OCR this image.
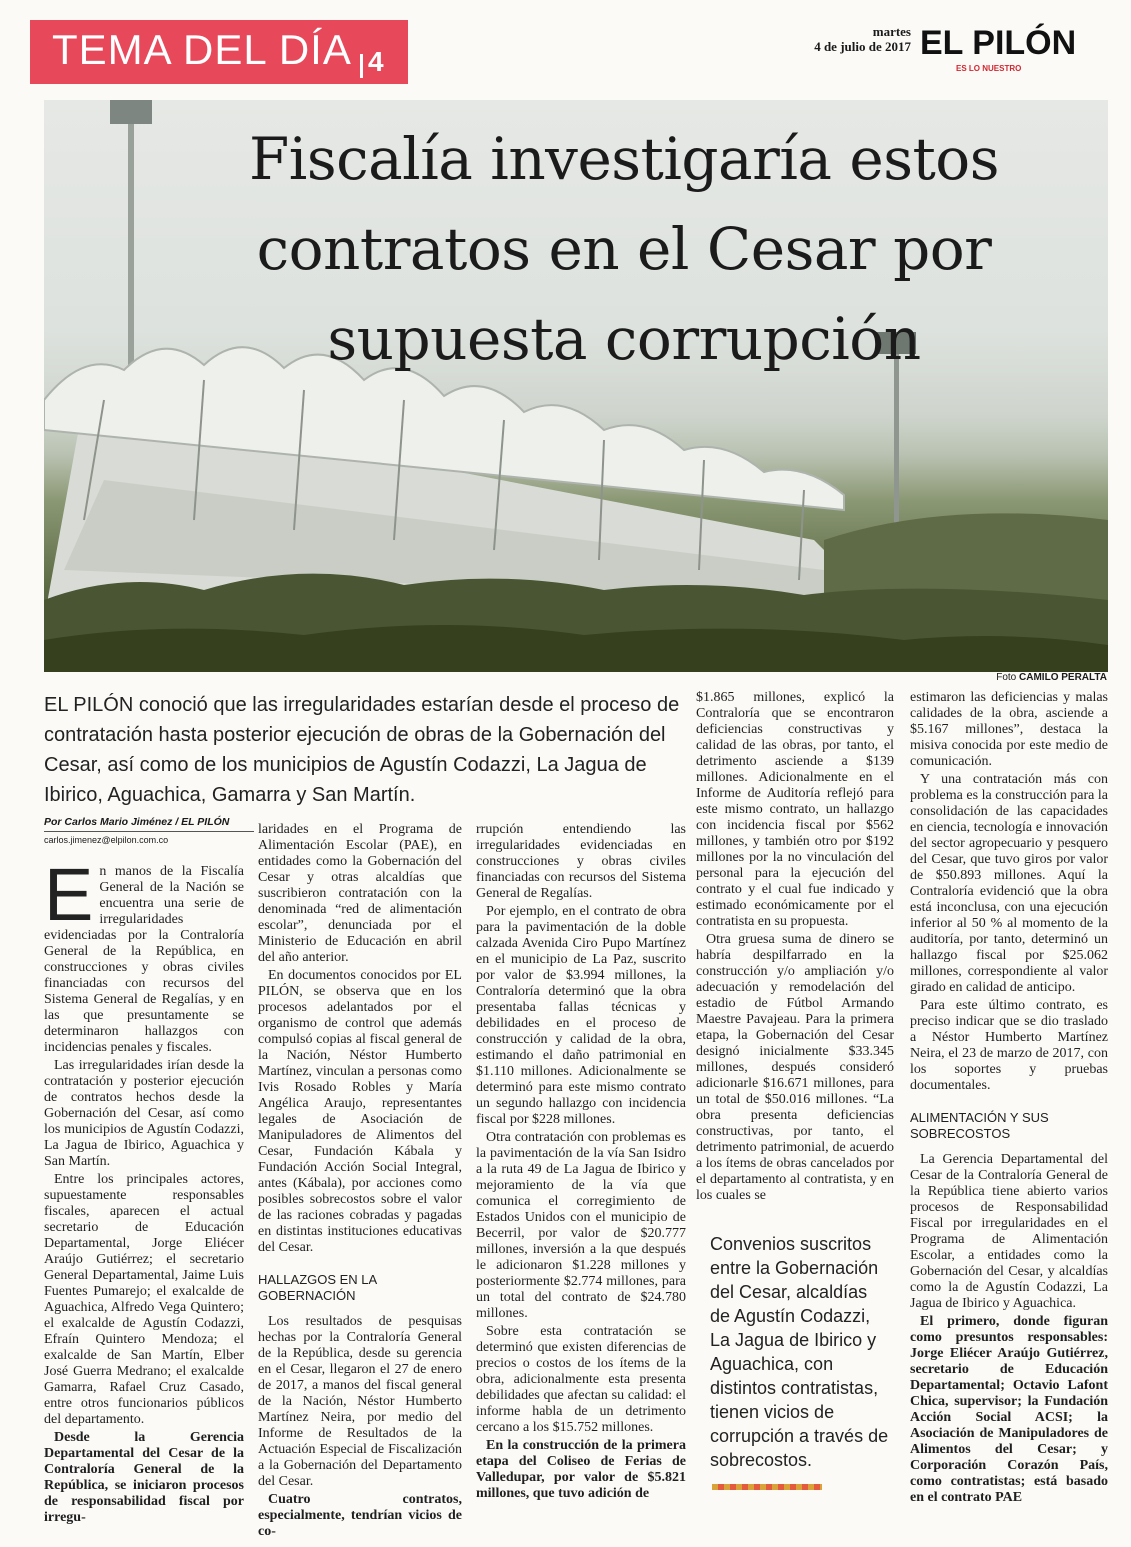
TEMA DEL DÍA 4
martes
4 de julio de 2017 EL PILÓN
ES LO NUESTRO
Fiscalía investigaría estos contratos en el Cesar por supuesta corrupción
Foto CAMILO PERALTA
EL PILÓN conoció que las irregularidades estarían desde el proceso de contratación hasta posterior ejecución de obras de la Gobernación del Cesar, así como de los municipios de Agustín Codazzi, La Jagua de Ibirico, Aguachica, Gamarra y San Martín.
Por Carlos Mario Jiménez / EL PILÓN
carlos.jimenez@elpilon.com.co

En manos de la Fiscalía General de la Nación se encuentra una serie de irregularidades evidenciadas por la Contraloría General de la República, en construcciones y obras civiles financiadas con recursos del Sistema General de Regalías, y en las que presuntamente se determinaron hallazgos con incidencias penales y fiscales.

Las irregularidades irían desde la contratación y posterior ejecución de contratos hechos desde la Gobernación del Cesar, así como los municipios de Agustín Codazzi, La Jagua de Ibirico, Aguachica y San Martín.

Entre los principales actores, supuestamente responsables fiscales, aparecen el actual secretario de Educación Departamental, Jorge Eliécer Araújo Gutiérrez; el secretario General Departamental, Jaime Luis Fuentes Pumarejo; el exalcalde de Aguachica, Alfredo Vega Quintero; el exalcalde de Agustín Codazzi, Efraín Quintero Mendoza; el exalcalde de San Martín, Elber José Guerra Medrano; el exalcalde Gamarra, Rafael Cruz Casado, entre otros funcionarios públicos del departamento.

Desde la Gerencia Departamental del Cesar de la Contraloría General de la República, se iniciaron procesos de responsabilidad fiscal por irregu-

laridades en el Programa de Alimentación Escolar (PAE), en entidades como la Gobernación del Cesar y otras alcaldías que suscribieron contratación con la denominada “red de alimentación escolar”, denunciada por el Ministerio de Educación en abril del año anterior.

En documentos conocidos por EL PILÓN, se observa que en los procesos adelantados por el organismo de control que además compulsó copias al fiscal general de la Nación, Néstor Humberto Martínez, vinculan a personas como Ivis Rosado Robles y María Angélica Araujo, representantes legales de Asociación de Manipuladores de Alimentos del Cesar, Fundación Kábala y Fundación Acción Social Integral, antes (Kábala), por acciones como posibles sobrecostos sobre el valor de las raciones cobradas y pagadas en distintas instituciones educativas del Cesar.

HALLAZGOS EN LA GOBERNACIÓN

Los resultados de pesquisas hechas por la Contraloría General de la República, desde su gerencia en el Cesar, llegaron el 27 de enero de 2017, a manos del fiscal general de la Nación, Néstor Humberto Martínez Neira, por medio del Informe de Resultados de la Actuación Especial de Fiscalización a la Gobernación del Departamento del Cesar.

Cuatro contratos, especialmente, tendrían vicios de co-

rrupción entendiendo las irregularidades evidenciadas en construcciones y obras civiles financiadas con recursos del Sistema General de Regalías.

Por ejemplo, en el contrato de obra para la pavimentación de la doble calzada Avenida Ciro Pupo Martínez en el municipio de La Paz, suscrito por valor de $3.994 millones, la Contraloría determinó que la obra presentaba fallas técnicas y debilidades en el proceso de construcción y calidad de la obra, estimando el daño patrimonial en $1.110 millones. Adicionalmente se determinó para este mismo contrato un segundo hallazgo con incidencia fiscal por $228 millones.

Otra contratación con problemas es la pavimentación de la vía San Isidro a la ruta 49 de La Jagua de Ibirico y mejoramiento de la vía que comunica el corregimiento de Estados Unidos con el municipio de Becerril, por valor de $20.777 millones, inversión a la que después le adicionaron $1.228 millones y posteriormente $2.774 millones, para un total del contrato de $24.780 millones.

Sobre esta contratación se determinó que existen diferencias de precios o costos de los ítems de la obra, adicionalmente esta presenta debilidades que afectan su calidad: el informe habla de un detrimento cercano a los $15.752 millones.

En la construcción de la primera etapa del Coliseo de Ferias de Valledupar, por valor de $5.821 millones, que tuvo adición de

$1.865 millones, explicó la Contraloría que se encontraron deficiencias constructivas y calidad de las obras, por tanto, el detrimento asciende a $139 millones. Adicionalmente en el Informe de Auditoría reflejó para este mismo contrato, un hallazgo con incidencia fiscal por $562 millones, y también otro por $192 millones por la no vinculación del personal para la ejecución del contrato y el cual fue indicado y estimado económicamente por el contratista en su propuesta.

Otra gruesa suma de dinero se habría despilfarrado en la construcción y/o ampliación y/o adecuación y remodelación del estadio de Fútbol Armando Maestre Pavajeau. Para la primera etapa, la Gobernación del Cesar designó inicialmente $33.345 millones, después consideró adicionarle $16.671 millones, para un total de $50.016 millones. “La obra presenta deficiencias constructivas, por tanto, el detrimento patrimonial, de acuerdo a los ítems de obras cancelados por el departamento al contratista, y en los cuales se

Convenios suscritos entre la Gobernación del Cesar, alcaldías de Agustín Codazzi, La Jagua de Ibirico y Aguachica, con distintos contratistas, tienen vicios de corrupción a través de sobrecostos.

estimaron las deficiencias y malas calidades de la obra, asciende a $5.167 millones”, destaca la misiva conocida por este medio de comunicación.

Y una contratación más con problema es la construcción para la consolidación de las capacidades en ciencia, tecnología e innovación del sector agropecuario y pesquero del Cesar, que tuvo giros por valor de $50.893 millones. Aquí la Contraloría evidenció que la obra está inconclusa, con una ejecución inferior al 50 % al momento de la auditoría, por tanto, determinó un hallazgo fiscal por $25.062 millones, correspondiente al valor girado en calidad de anticipo.

Para este último contrato, es preciso indicar que se dio traslado a Néstor Humberto Martínez Neira, el 23 de marzo de 2017, con los soportes y pruebas documentales.

ALIMENTACIÓN Y SUS SOBRECOSTOS

La Gerencia Departamental del Cesar de la Contraloría General de la República tiene abierto varios procesos de Responsabilidad Fiscal por irregularidades en el Programa de Alimentación Escolar, a entidades como la Gobernación del Cesar, y alcaldías como la de Agustín Codazzi, La Jagua de Ibirico y Aguachica.

El primero, donde figuran como presuntos responsables: Jorge Eliécer Araújo Gutiérrez, secretario de Educación Departamental; Octavio Lafont Chica, supervisor; la Fundación Acción Social ACSI; la Asociación de Manipuladores de Alimentos del Cesar; y Corporación Corazón País, como contratistas; está basado en el contrato PAE
